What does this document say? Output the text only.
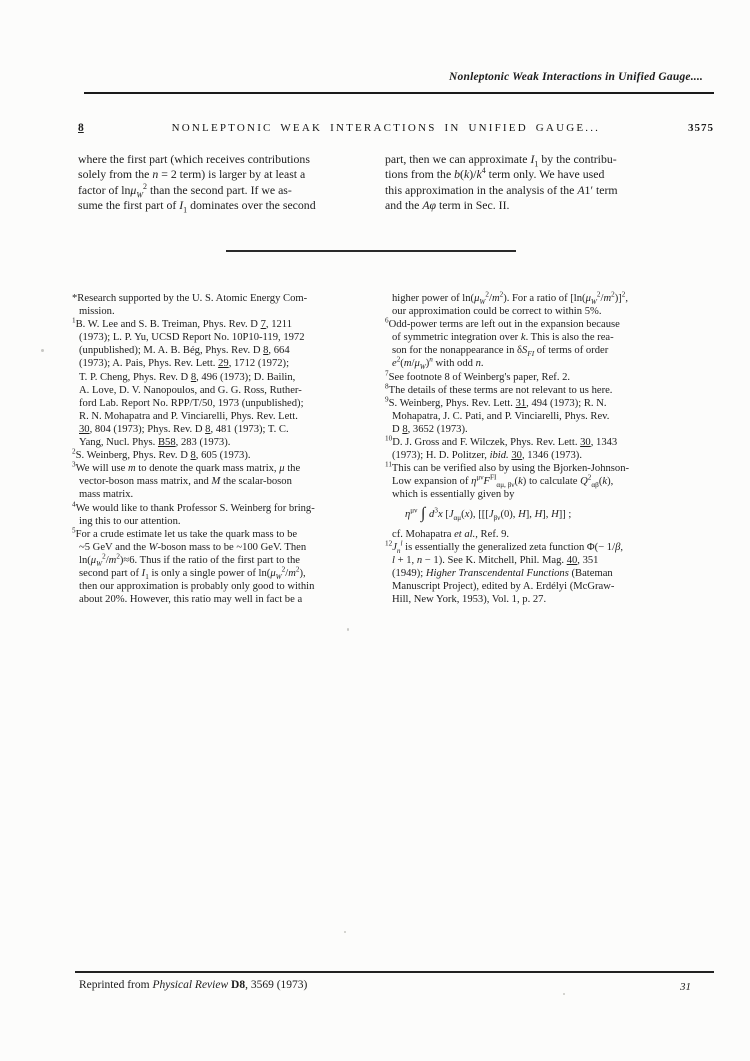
Nonleptonic Weak Interactions in Unified Gauge....
8	NONLEPTONIC WEAK INTERACTIONS IN UNIFIED GAUGE...	3575
where the first part (which receives contributions
solely from the n = 2 term) is larger by at least a
factor of lnμ$_W^2$ than the second part. If we as-
sume the first part of $I_1$ dominates over the second
part, then we can approximate $I_1$ by the contribu-
tions from the $b(k)/k^4$ term only. We have used
this approximation in the analysis of the A1′ term
and the Aφ term in Sec. II.
*Research supported by the U. S. Atomic Energy Com-
mission.
$^1$B. W. Lee and S. B. Treiman, Phys. Rev. D 7, 1211
(1973); L. P. Yu, UCSD Report No. 10P10-119, 1972
(unpublished); M. A. B. Bég, Phys. Rev. D 8, 664
(1973); A. Pais, Phys. Rev. Lett. 29, 1712 (1972);
T. P. Cheng, Phys. Rev. D 8, 496 (1973); D. Bailin,
A. Love, D. V. Nanopoulos, and G. G. Ross, Ruther-
ford Lab. Report No. RPP/T/50, 1973 (unpublished);
R. N. Mohapatra and P. Vinciarelli, Phys. Rev. Lett.
30, 804 (1973); Phys. Rev. D 8, 481 (1973); T. C.
Yang, Nucl. Phys. B58, 283 (1973).
$^2$S. Weinberg, Phys. Rev. D 8, 605 (1973).
$^3$We will use m to denote the quark mass matrix, μ the
vector-boson mass matrix, and M the scalar-boson
mass matrix.
$^4$We would like to thank Professor S. Weinberg for bring-
ing this to our attention.
$^5$For a crude estimate let us take the quark mass to be
~5 GeV and the W-boson mass to be ~100 GeV. Then
$\ln(\mu_W^2/m^2)\approx 6$. Thus if the ratio of the first part to the
second part of $I_1$ is only a single power of $\ln(\mu_W^2/m^2)$,
then our approximation is probably only good to within
about 20%. However, this ratio may well in fact be a
higher power of $\ln(\mu_W^2/m^2)$. For a ratio of $[\ln(\mu_W^2/m^2)]^2$,
our approximation could be correct to within 5%.
$^6$Odd-power terms are left out in the expansion because
of symmetric integration over k. This is also the rea-
son for the nonappearance in $\delta S_{FI}$ of terms of order
$e^2(m/\mu_W)^n$ with odd n.
$^7$See footnote 8 of Weinberg's paper, Ref. 2.
$^8$The details of these terms are not relevant to us here.
$^9$S. Weinberg, Phys. Rev. Lett. 31, 494 (1973); R. N.
Mohapatra, J. C. Pati, and P. Vinciarelli, Phys. Rev.
D 8, 3652 (1973).
$^{10}$D. J. Gross and F. Wilczek, Phys. Rev. Lett. 30, 1343
(1973); H. D. Politzer, ibid. 30, 1346 (1973).
$^{11}$This can be verified also by using the Bjorken-Johnson-
Low expansion of $\eta^{\mu\nu}F^{FI}_{\alpha\mu, \beta\nu}(k)$ to calculate $Q^2_{\alpha\beta}(k)$,
which is essentially given by
$\eta^{\mu\nu}$ ∫ $d^3x$ [$J_{\alpha\mu}(x)$, [[[$J_{\beta\nu}(0)$, H], H], H]] ;
cf. Mohapatra et al., Ref. 9.
$^{12}J_n^l$ is essentially the generalized zeta function Φ(− 1/β,
l + 1, n − 1). See K. Mitchell, Phil. Mag. 40, 351
(1949); Higher Transcendental Functions (Bateman
Manuscript Project), edited by A. Erdélyi (McGraw-
Hill, New York, 1953), Vol. 1, p. 27.
Reprinted from Physical Review D8, 3569 (1973)	31
